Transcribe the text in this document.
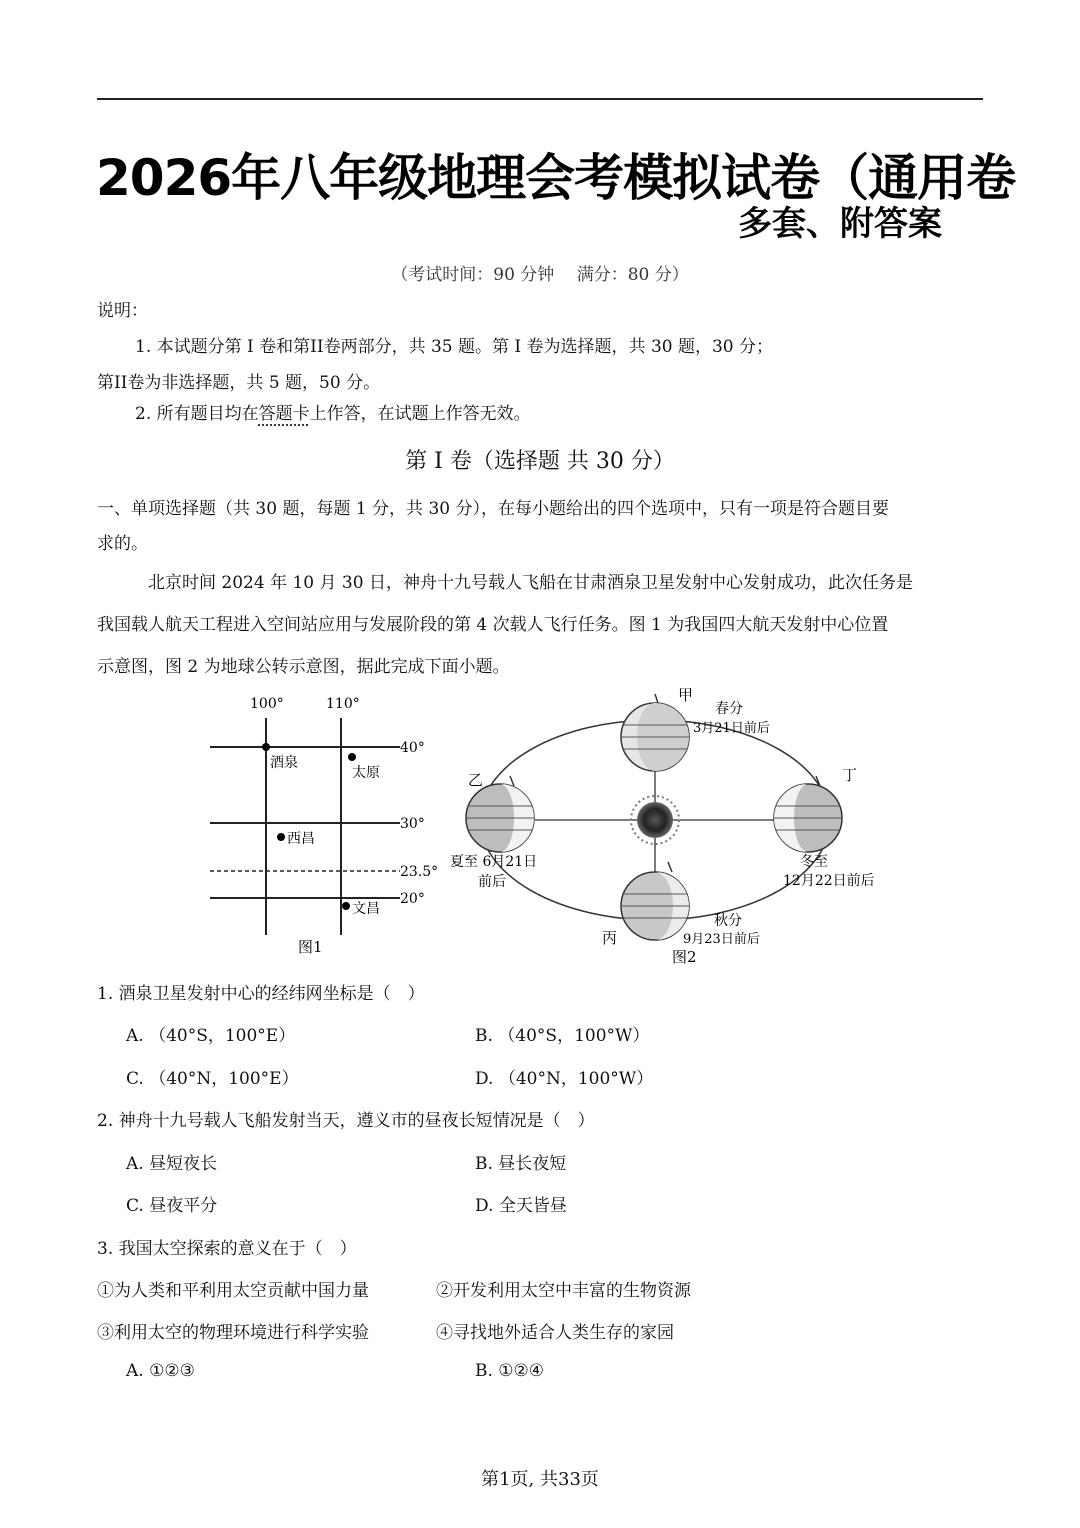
2026年八年级地理会考模拟试卷（通用卷
多套、附答案
（考试时间：90 分钟　 满分：80 分）
说明：
1. 本试题分第 I 卷和第II卷两部分，共 35 题。第 I 卷为选择题，共 30 题，30 分；
第II卷为非选择题，共 5 题，50 分。
2. 所有题目均在答题卡上作答，在试题上作答无效。
第 I 卷（选择题 共 30 分）
一、单项选择题（共 30 题，每题 1 分，共 30 分），在每小题给出的四个选项中，只有一项是符合题目要
求的。
北京时间 2024 年 10 月 30 日，神舟十九号载人飞船在甘肃酒泉卫星发射中心发射成功，此次任务是
我国载人航天工程进入空间站应用与发展阶段的第 4 次载人飞行任务。图 1 为我国四大航天发射中心位置
示意图，图 2 为地球公转示意图，据此完成下面小题。
100°	110°
40°
30°
23.5°
20°
酒泉
太原
西昌
文昌
图1
甲
春分
3月21日前后
乙
夏至 6月21日
前后
丁
冬至
12月22日前后
丙
秋分
9月23日前后
图2
1. 酒泉卫星发射中心的经纬网坐标是（　）
A. （40°S，100°E）	B. （40°S，100°W）
C. （40°N，100°E）	D. （40°N，100°W）
2. 神舟十九号载人飞船发射当天，遵义市的昼夜长短情况是（　）
A. 昼短夜长	B. 昼长夜短
C. 昼夜平分	D. 全天皆昼
3. 我国太空探索的意义在于（　）
①为人类和平利用太空贡献中国力量	②开发利用太空中丰富的生物资源
③利用太空的物理环境进行科学实验	④寻找地外适合人类生存的家园
A. ①②③	B. ①②④
第1页, 共33页
